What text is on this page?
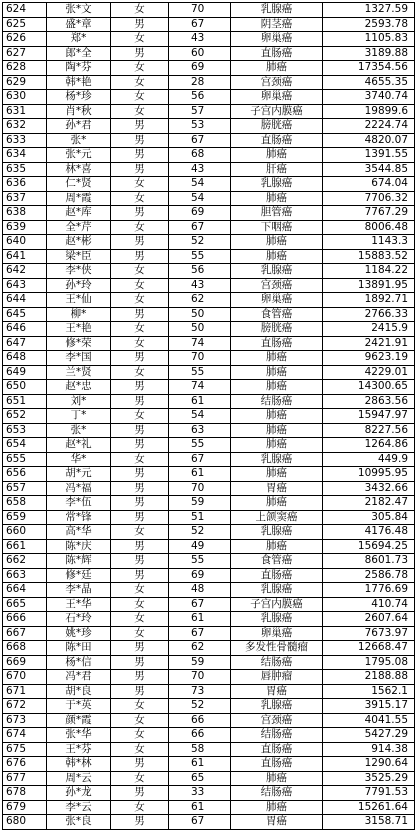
624	张*文	女	70	乳腺癌	1327.59
625	盛*章	男	67	阴茎癌	2593.78
626	郑*	女	43	卵巢癌	1105.83
627	郎*全	男	60	直肠癌	3189.88
628	陶*芬	女	69	肺癌	17354.56
629	韩*艳	女	28	宫颈癌	4655.35
630	杨*珍	女	56	卵巢癌	3740.74
631	肖*秋	女	57	子宫内膜癌	19899.6
632	孙*君	男	53	膀胱癌	2224.74
633	张*	男	67	直肠癌	4820.07
634	张*元	男	68	肺癌	1391.55
635	林*喜	男	43	肝癌	3544.85
636	仁*贤	女	54	乳腺癌	674.04
637	周*霞	女	54	肺癌	7706.32
638	赵*库	男	69	胆管癌	7767.29
639	全*芹	女	67	下咽癌	8006.48
640	赵*彬	男	52	肺癌	1143.3
641	梁*臣	男	55	肺癌	15883.52
642	李*侠	女	56	乳腺癌	1184.22
643	孙*玲	女	43	宫颈癌	13891.95
644	王*仙	女	62	卵巢癌	1892.71
645	柳*	男	50	食管癌	2766.33
646	王*艳	女	50	膀胱癌	2415.9
647	修*荣	女	74	直肠癌	2421.91
648	李*国	男	70	肺癌	9623.19
649	兰*贤	女	55	肺癌	4229.01
650	赵*忠	男	74	肺癌	14300.65
651	刘*	男	61	结肠癌	2863.56
652	丁*	女	54	肺癌	15947.97
653	张*	男	63	肺癌	8227.56
654	赵*礼	男	55	肺癌	1264.86
655	华*	女	67	乳腺癌	449.9
656	胡*元	男	61	肺癌	10995.95
657	冯*福	男	70	胃癌	3432.66
658	李*伍	男	59	肺癌	2182.47
659	常*锋	男	51	上颌窦癌	305.84
660	高*华	女	52	乳腺癌	4176.48
661	陈*庆	男	49	肺癌	15694.25
662	陈*辉	男	55	食管癌	8601.73
663	修*廷	男	69	直肠癌	2586.78
664	李*晶	女	48	乳腺癌	1776.69
665	王*华	女	67	子宫内膜癌	410.74
666	石*玲	女	61	乳腺癌	2607.64
667	姚*珍	女	67	卵巢癌	7673.97
668	陈*田	男	62	多发性骨髓瘤	12668.47
669	杨*信	男	59	结肠癌	1795.08
670	冯*君	男	70	唇肿瘤	2188.88
671	胡*良	男	73	胃癌	1562.1
672	于*英	女	52	乳腺癌	3915.17
673	颜*霞	女	66	宫颈癌	4041.55
674	张*华	女	66	结肠癌	5427.29
675	王*芬	女	58	直肠癌	914.38
676	韩*林	男	61	直肠癌	1290.64
677	周*云	女	65	肺癌	3525.29
678	孙*龙	男	33	结肠癌	7791.53
679	李*云	女	61	肺癌	15261.64
680	张*良	男	67	胃癌	3158.71
